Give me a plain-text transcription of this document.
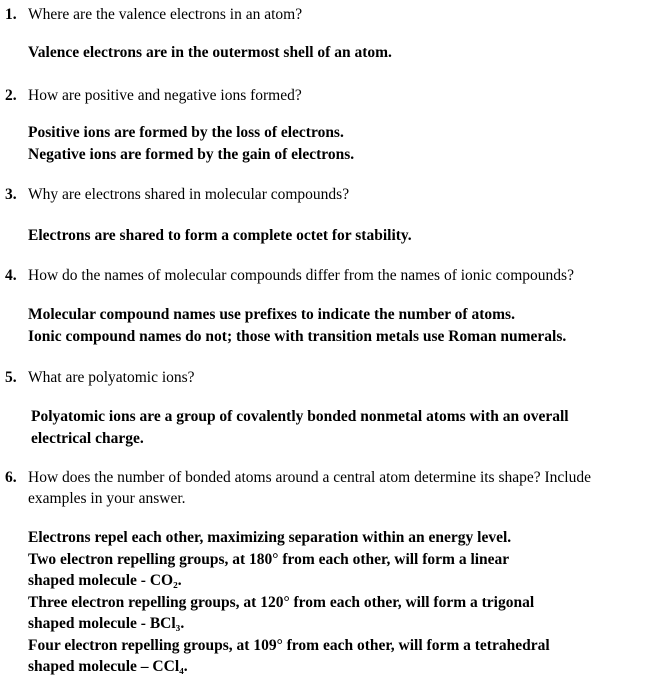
1. Where are the valence electrons in an atom?
Valence electrons are in the outermost shell of an atom.
2. How are positive and negative ions formed?
Positive ions are formed by the loss of electrons.
Negative ions are formed by the gain of electrons.
3. Why are electrons shared in molecular compounds?
Electrons are shared to form a complete octet for stability.
4. How do the names of molecular compounds differ from the names of ionic compounds?
Molecular compound names use prefixes to indicate the number of atoms.
Ionic compound names do not; those with transition metals use Roman numerals.
5. What are polyatomic ions?
Polyatomic ions are a group of covalently bonded nonmetal atoms with an overall
electrical charge.
6. How does the number of bonded atoms around a central atom determine its shape? Include
examples in your answer.
Electrons repel each other, maximizing separation within an energy level.
Two electron repelling groups, at 180° from each other, will form a linear
shaped molecule - CO₂.
Three electron repelling groups, at 120° from each other, will form a trigonal
shaped molecule - BCl₃.
Four electron repelling groups, at 109° from each other, will form a tetrahedral
shaped molecule – CCl₄.
